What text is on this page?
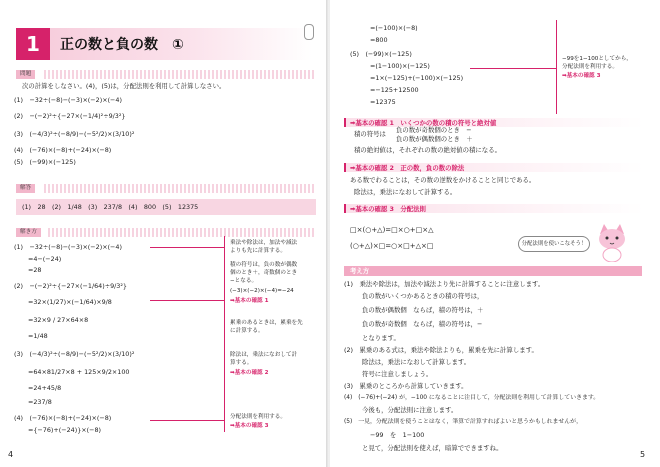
1	正の数と負の数　①
問題
次の計算をしなさい。(4)，(5)は，分配法則を利用して計算しなさい。
(1)　−32÷(−8)−(−3)×(−2)×(−4)
(2)　−(−2)²÷{−27×(−1/4)²÷9/3²}
(3)　(−4/3)²÷(−8/9)−(−5²/2)×(3/10)²
(4)　(−76)×(−8)+(−24)×(−8)
(5)　(−99)×(−125)
解答
(1)　28　(2)　1/48　(3)　237/8　(4)　800　(5)　12375
解き方
(1)　−32÷(−8)−(−3)×(−2)×(−4)
=4−(−24)
=28
(2)　−(−2)²÷{−27×(−1/64)÷9/3²}
=32×(1/27)×(−1/64)×9/8
=32×9 / 27×64×8
=1/48
(3)　(−4/3)²÷(−8/9)−(−5²/2)×(3/10)²
=64×81/27×8 + 125×9/2×100
=24+45/8
=237/8
(4)　(−76)×(−8)+(−24)×(−8)
={−76)+(−24)}×(−8)
乗法や除法は，加法や減法
よりも先に計算する。
積の符号は，負の数が偶数
個のとき＋，奇数個のとき
−となる。
(−3)×(−2)×(−4)=−24
➡基本の確認 1
累乗のあるときは，累乗を先
に計算する。
除法は，乗法になおして計
算する。
➡基本の確認 2
分配法則を利用する。
➡基本の確認 3
4
=(−100)×(−8)
=800
(5)　(−99)×(−125)
=(1−100)×(−125)
=1×(−125)+(−100)×(−125)
=−125+12500
=12375
−99を1−100としてから，
分配法則を利用する。
➡基本の確認 3
➡基本の確認 1　いくつかの数の積の符号と絶対値
積の符号は 負の数が奇数個のとき　−
負の数が偶数個のとき　＋
積の絶対値は，それぞれの数の絶対値の積になる。
➡基本の確認 2　正の数，負の数の除法
ある数でわることは，その数の逆数をかけることと同じである。
除法は，乗法になおして計算する。
➡基本の確認 3　分配法則
□×(○+△)=□×○+□×△
(○+△)×□=○×□+△×□	分配法則を使いこなそう！
考え方
(1)　乗法や除法は，加法や減法より先に計算することに注意します。
負の数がいくつかあるときの積の符号は，
負の数が偶数個　ならば，積の符号は，＋
負の数が奇数個　ならば，積の符号は，−
となります。
(2)　累乗のある式は，乗法や除法よりも，累乗を先に計算します。
除法は，乗法になおして計算します。
符号に注意しましょう。
(3)　累乗のところから計算していきます。
(4)　(−76)+(−24) が，−100 になることに注目して，分配法則を利用して計算していきます。
今後も，分配法則に注意します。
(5)　一見，分配法則を使うことはなく，筆算で計算すればよいと思うかもしれませんが，
−99　を　1−100
と見て，分配法則を使えば，暗算でできますね。
5
